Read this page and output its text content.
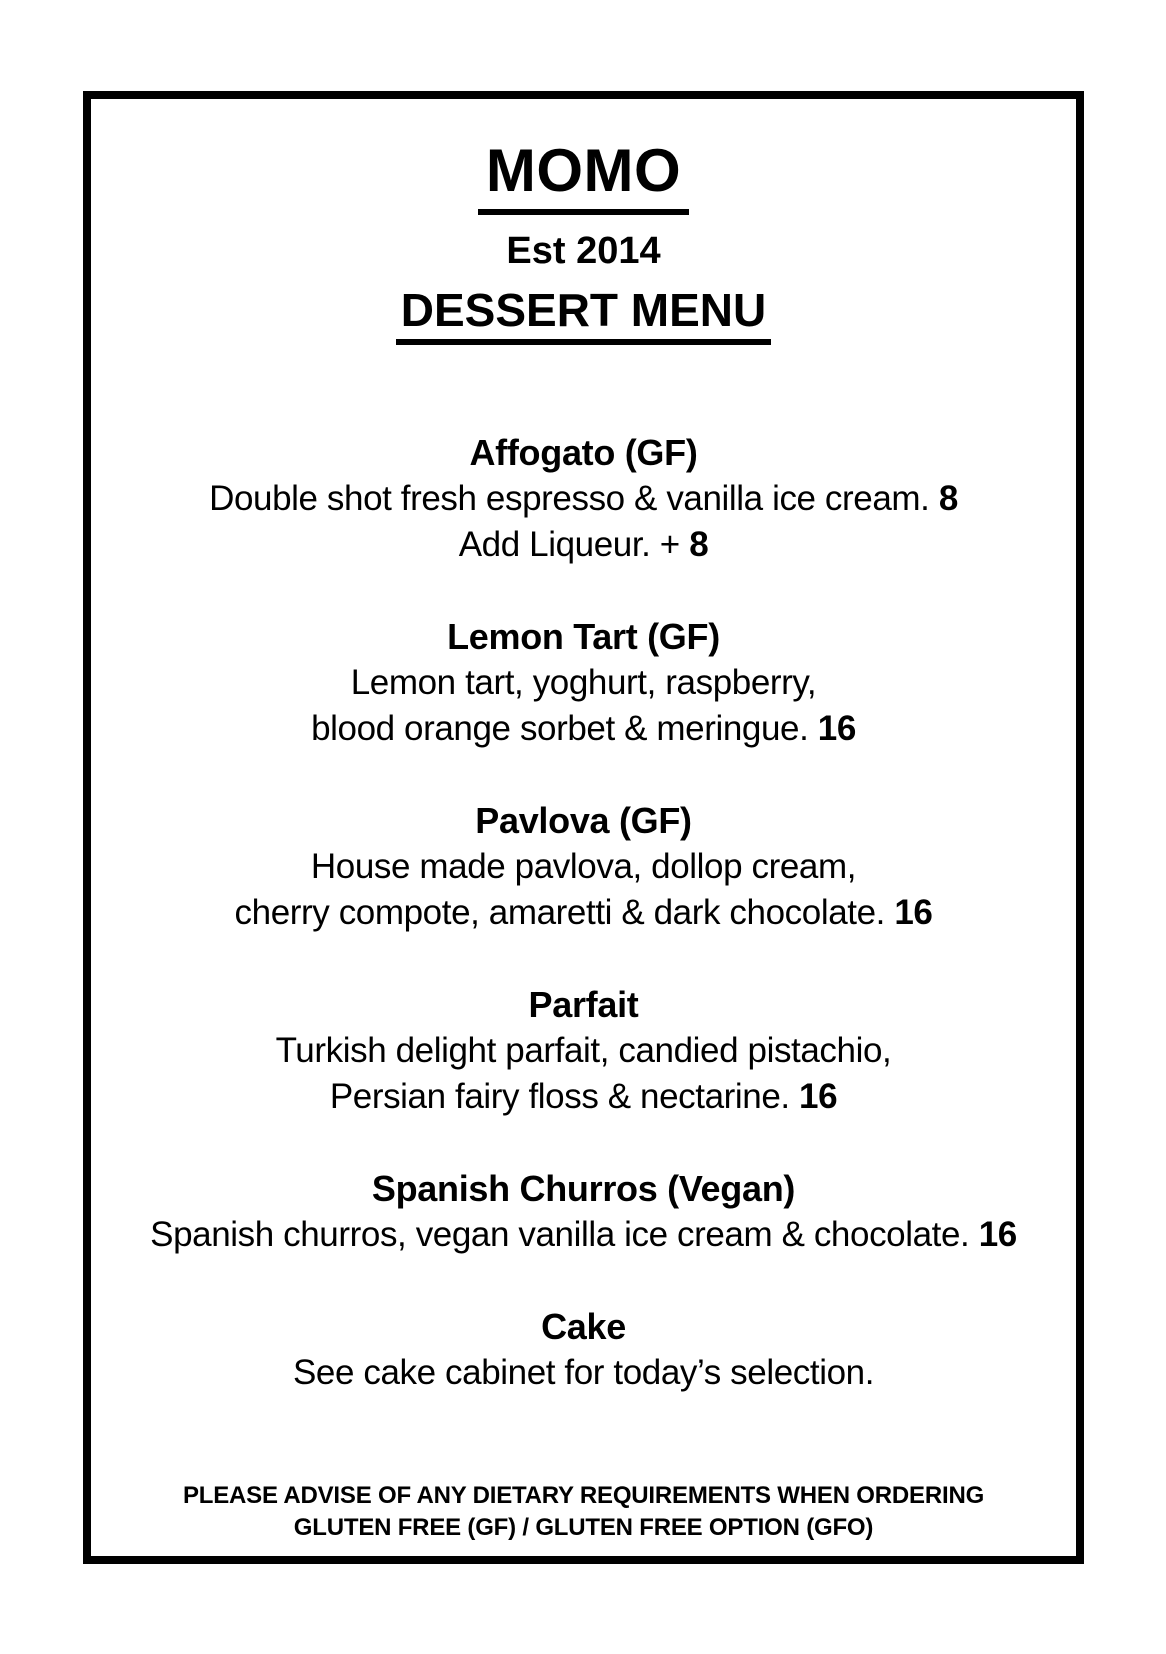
MOMO
Est 2014
DESSERT MENU
Affogato (GF)

Double shot fresh espresso & vanilla ice cream. 8

Add Liqueur. + 8

Lemon Tart (GF)

Lemon tart, yoghurt, raspberry,

blood orange sorbet & meringue. 16

Pavlova (GF)

House made pavlova, dollop cream,

cherry compote, amaretti & dark chocolate. 16

Parfait

Turkish delight parfait, candied pistachio,

Persian fairy floss & nectarine. 16

Spanish Churros (Vegan)

Spanish churros, vegan vanilla ice cream & chocolate. 16

Cake

See cake cabinet for today’s selection.

PLEASE ADVISE OF ANY DIETARY REQUIREMENTS WHEN ORDERING

GLUTEN FREE (GF) / GLUTEN FREE OPTION (GFO)
